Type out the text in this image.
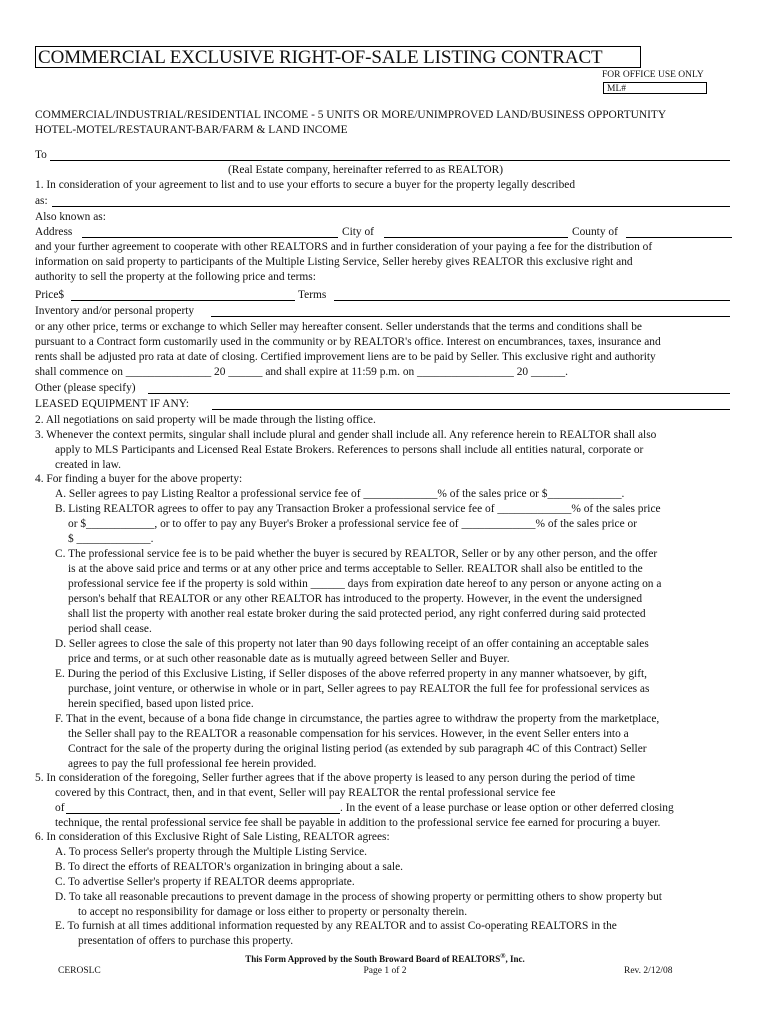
COMMERCIAL EXCLUSIVE RIGHT-OF-SALE LISTING CONTRACT
FOR OFFICE USE ONLY
ML#
COMMERCIAL/INDUSTRIAL/RESIDENTIAL INCOME - 5 UNITS OR MORE/UNIMPROVED LAND/BUSINESS OPPORTUNITY
HOTEL-MOTEL/RESTAURANT-BAR/FARM & LAND INCOME
To
(Real Estate company, hereinafter referred to as REALTOR)
1. In consideration of your agreement to list and to use your efforts to secure a buyer for the property legally described
as:
Also known as:
Address	City of	County of
and your further agreement to cooperate with other REALTORS and in further consideration of your paying a fee for the distribution of
information on said property to participants of the Multiple Listing Service, Seller hereby gives REALTOR this exclusive right and
authority to sell the property at the following price and terms:
Price$	Terms
Inventory and/or personal property
or any other price, terms or exchange to which Seller may hereafter consent. Seller understands that the terms and conditions shall be
pursuant to a Contract form customarily used in the community or by REALTOR's office. Interest on encumbrances, taxes, insurance and
rents shall be adjusted pro rata at date of closing. Certified improvement liens are to be paid by Seller. This exclusive right and authority
shall commence on _______________ 20 ______ and shall expire at 11:59 p.m. on _________________ 20 ______.
Other (please specify)
LEASED EQUIPMENT IF ANY:
2. All negotiations on said property will be made through the listing office.
3. Whenever the context permits, singular shall include plural and gender shall include all. Any reference herein to REALTOR shall also
apply to MLS Participants and Licensed Real Estate Brokers. References to persons shall include all entities natural, corporate or
created in law.
4. For finding a buyer for the above property:
A. Seller agrees to pay Listing Realtor a professional service fee of _____________% of the sales price or $_____________.
B. Listing REALTOR agrees to offer to pay any Transaction Broker a professional service fee of _____________% of the sales price
or $____________, or to offer to pay any Buyer's Broker a professional service fee of _____________% of the sales price or
$ _____________.
C. The professional service fee is to be paid whether the buyer is secured by REALTOR, Seller or by any other person, and the offer
is at the above said price and terms or at any other price and terms acceptable to Seller. REALTOR shall also be entitled to the
professional service fee if the property is sold within ______ days from expiration date hereof to any person or anyone acting on a
person's behalf that REALTOR or any other REALTOR has introduced to the property. However, in the event the undersigned
shall list the property with another real estate broker during the said protected period, any right conferred during said protected
period shall cease.
D. Seller agrees to close the sale of this property not later than 90 days following receipt of an offer containing an acceptable sales
price and terms, or at such other reasonable date as is mutually agreed between Seller and Buyer.
E. During the period of this Exclusive Listing, if Seller disposes of the above referred property in any manner whatsoever, by gift,
purchase, joint venture, or otherwise in whole or in part, Seller agrees to pay REALTOR the full fee for professional services as
herein specified, based upon listed price.
F. That in the event, because of a bona fide change in circumstance, the parties agree to withdraw the property from the marketplace,
the Seller shall pay to the REALTOR a reasonable compensation for his services. However, in the event Seller enters into a
Contract for the sale of the property during the original listing period (as extended by sub paragraph 4C of this Contract) Seller
agrees to pay the full professional fee herein provided.
5. In consideration of the foregoing, Seller further agrees that if the above property is leased to any person during the period of time
covered by this Contract, then, and in that event, Seller will pay REALTOR the rental professional service fee
of	. In the event of a lease purchase or lease option or other deferred closing
technique, the rental professional service fee shall be payable in addition to the professional service fee earned for procuring a buyer.
6. In consideration of this Exclusive Right of Sale Listing, REALTOR agrees:
A. To process Seller's property through the Multiple Listing Service.
B. To direct the efforts of REALTOR's organization in bringing about a sale.
C. To advertise Seller's property if REALTOR deems appropriate.
D. To take all reasonable precautions to prevent damage in the process of showing property or permitting others to show property but
to accept no responsibility for damage or loss either to property or personalty therein.
E. To furnish at all times additional information requested by any REALTOR and to assist Co-operating REALTORS in the
presentation of offers to purchase this property.
This Form Approved by the South Broward Board of REALTORS®, Inc.
CEROSLC	Page 1 of 2	Rev. 2/12/08
